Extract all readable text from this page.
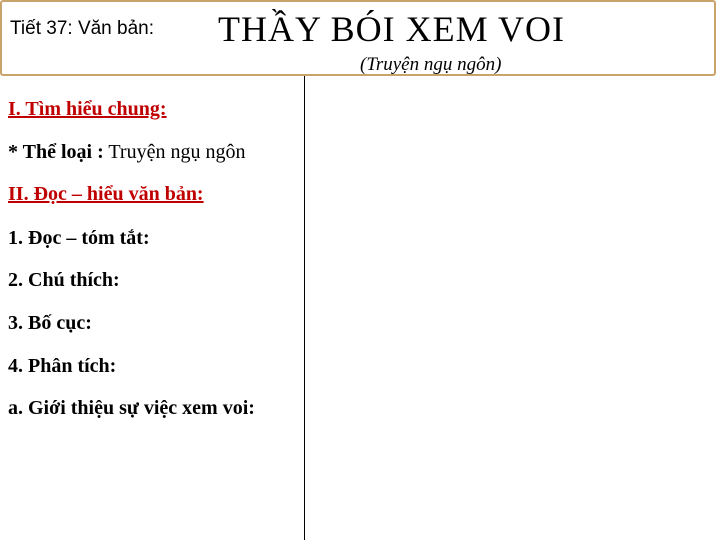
Tiết 37: Văn bản: THẦY BÓI XEM VOI
(Truyện ngụ ngôn)
I. Tìm hiểu chung:
* Thể loại : Truyện ngụ ngôn
II. Đọc – hiểu văn bản:
1. Đọc – tóm tắt:
2. Chú thích:
3. Bố cục:
4. Phân tích:
a. Giới thiệu sự việc xem voi:
